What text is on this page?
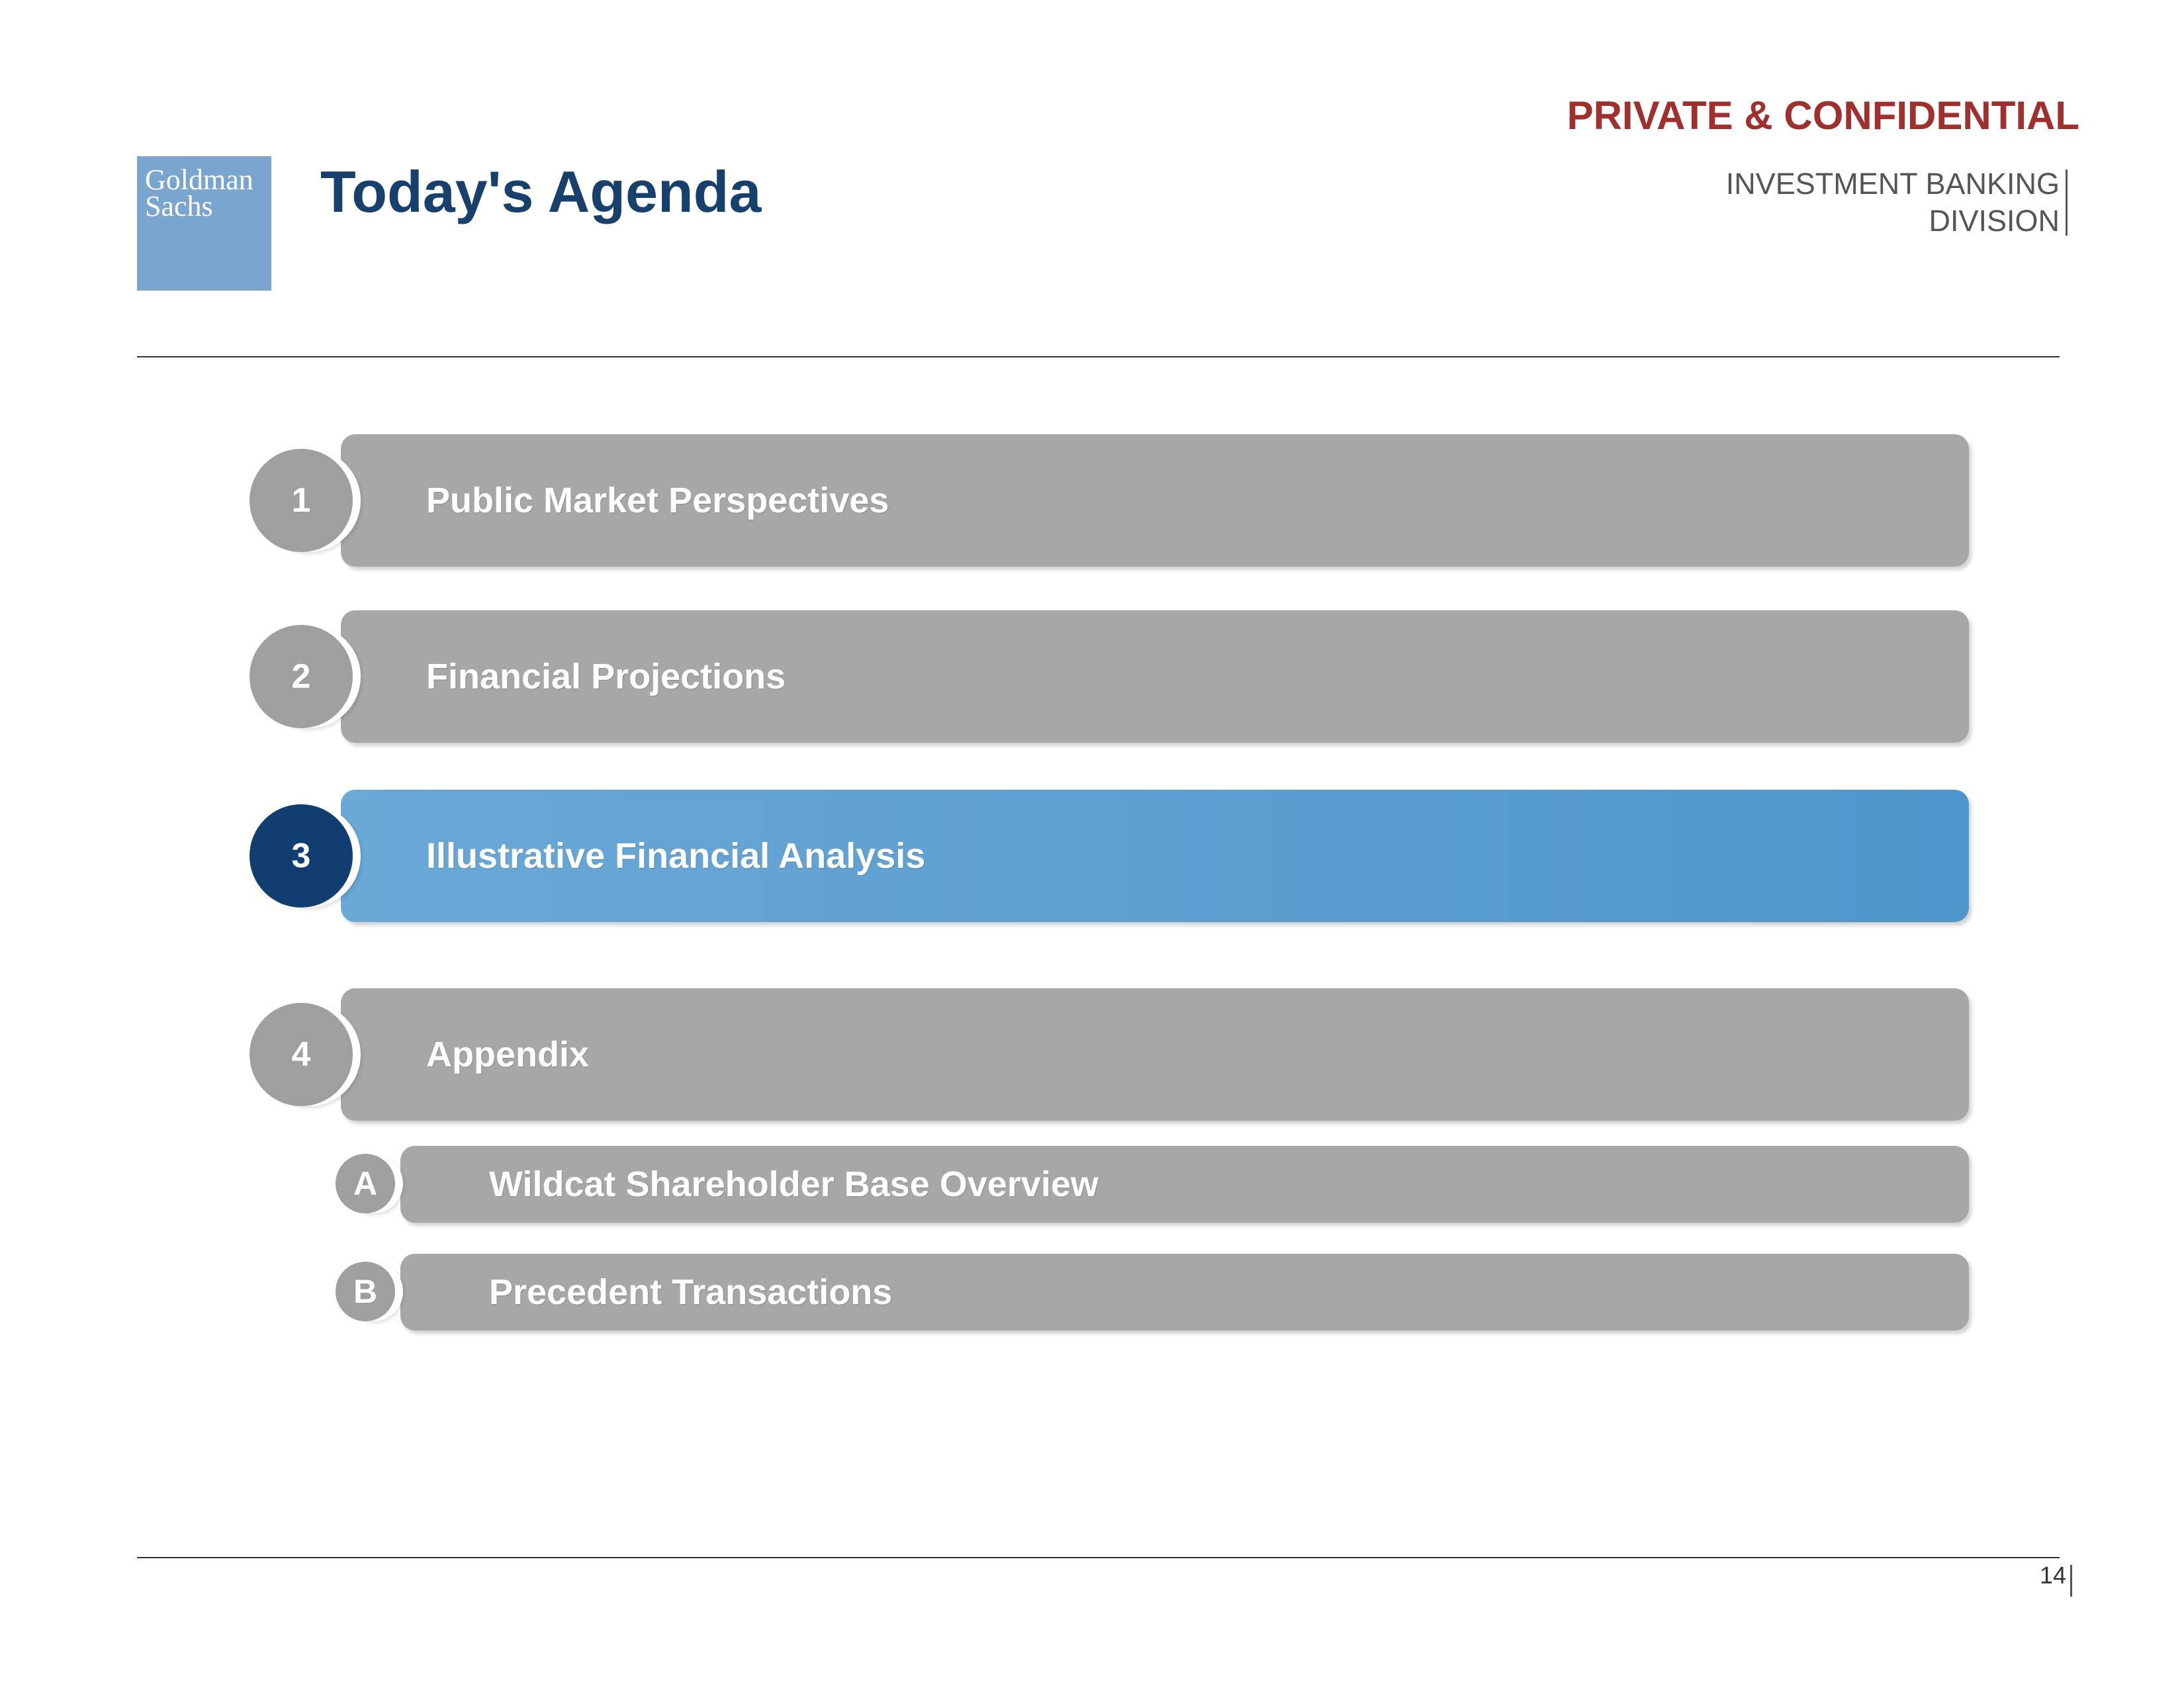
Goldman
Sachs Today's Agenda
PRIVATE & CONFIDENTIAL
INVESTMENT BANKING
DIVISION
1	Public Market Perspectives
2	Financial Projections
3	Illustrative Financial Analysis
4	Appendix
A	Wildcat Shareholder Base Overview
B	Precedent Transactions
14
